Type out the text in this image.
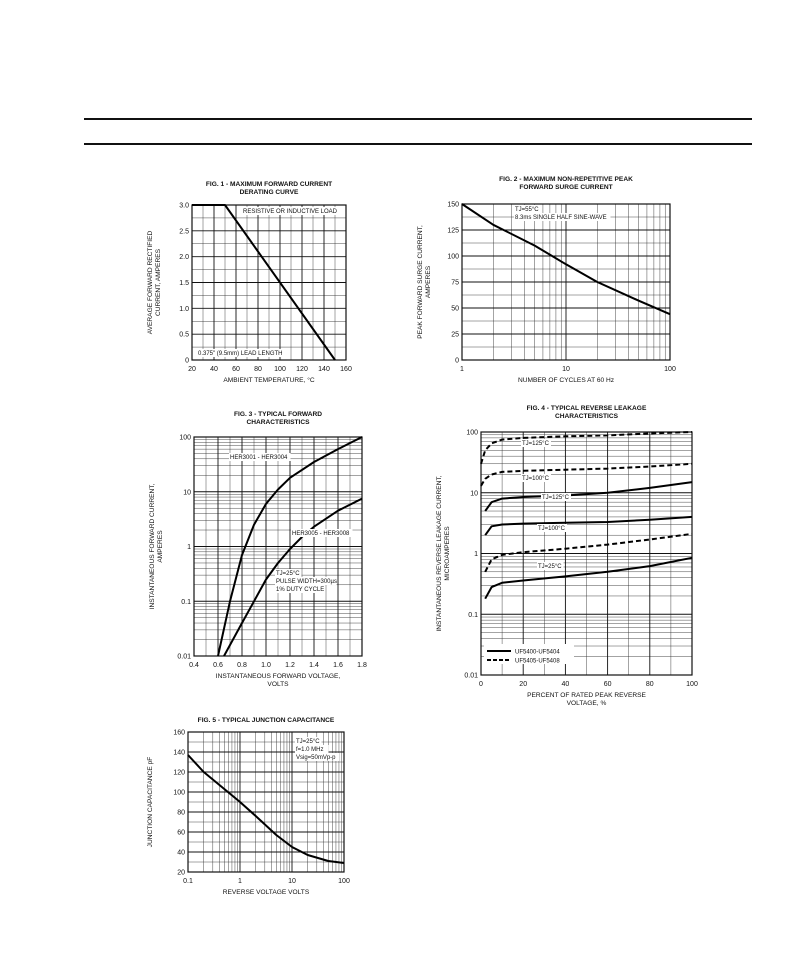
FIG. 1 - MAXIMUM FORWARD CURRENT
DERATING CURVE
20 40 60 80 100 120 140 160
0
0.5
1.0
1.5
2.0
2.5
3.0
AMBIENT TEMPERATURE, °C
AVERAGE FORWARD RECTIFIED CURRENT, AMPERES
RESISTIVE OR INDUCTIVE LOAD
0.375" (9.5mm) LEAD LENGTH
FIG. 2 - MAXIMUM NON-REPETITIVE PEAK
FORWARD SURGE CURRENT
1	10	100
0
25
50
75
100
125
150
NUMBER OF CYCLES AT 60 Hz
PEAK FORWARD SURGE CURRENT, AMPERES
TJ=55°C
8.3ms SINGLE HALF SINE-WAVE
FIG. 3 - TYPICAL FORWARD
CHARACTERISTICS
0.4 0.6 0.8 1.0 1.2 1.4 1.6 1.8
0.01
0.1
1
10
100
INSTANTANEOUS FORWARD VOLTAGE,
VOLTS
INSTANTANEOUS FORWARD CURRENT, AMPERES
TJ=25°C
PULSE WIDTH=300µs
1% DUTY CYCLE
HER3001 - HER3004
HER3005 - HER3008
FIG. 4 - TYPICAL REVERSE LEAKAGE
CHARACTERISTICS
0	20	40	60	80	100
0.01
0.1
1
10
100
PERCENT OF RATED PEAK REVERSE
VOLTAGE, %
INSTANTANEOUS REVERSE LEAKAGE CURRENT, MICROAMPERES
TJ=125°C
TJ=100°C
TJ=125°C
TJ=100°C
TJ=25°C
UF5400-UF5404
UF5405-UF5408
FIG. 5 - TYPICAL JUNCTION CAPACITANCE
0.1	1	10	100
20
40
60
80
100
120
140
160
REVERSE VOLTAGE VOLTS
JUNCTION CAPACITANCE pF
TJ=25°C
f=1.0 MHz
Vsig=50mVp-p
